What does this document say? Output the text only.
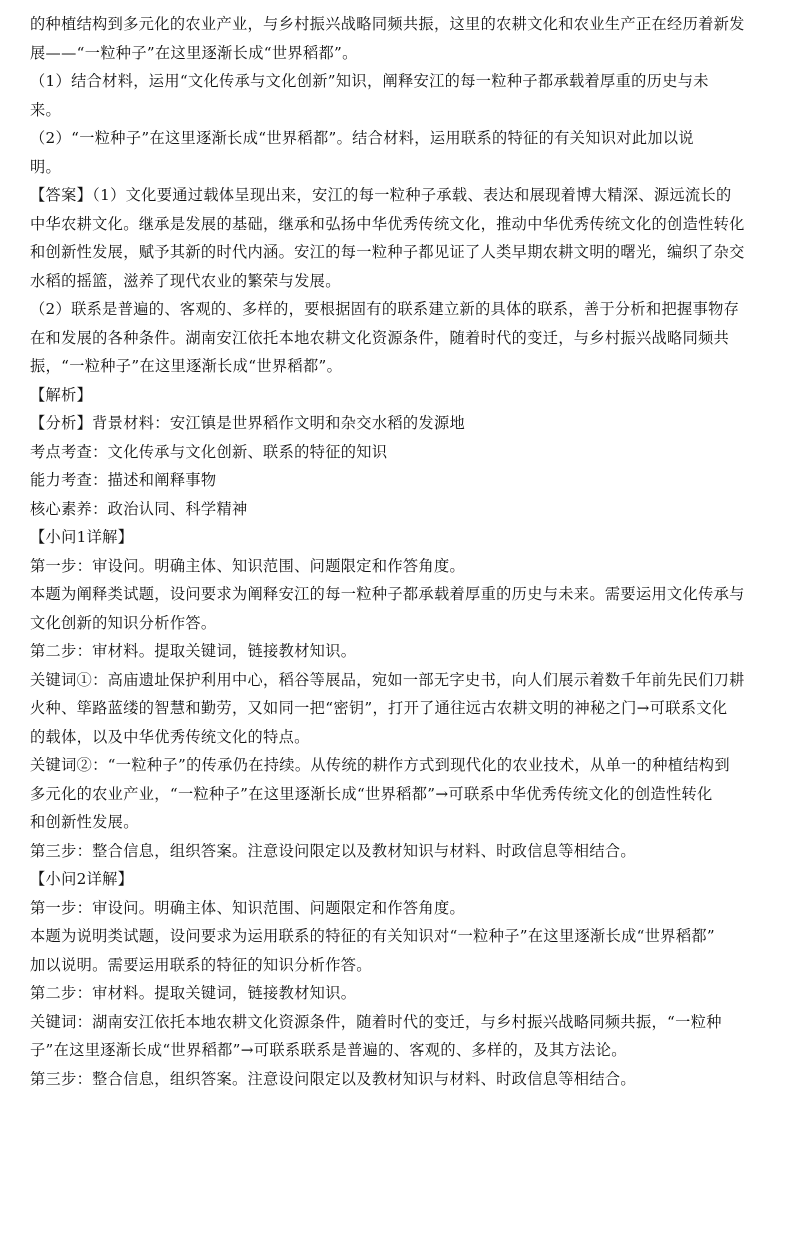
的种植结构到多元化的农业产业，与乡村振兴战略同频共振，这里的农耕文化和农业生产正在经历着新发
展——“一粒种子”在这里逐渐长成“世界稻都”。
（1）结合材料，运用“文化传承与文化创新”知识，阐释安江的每一粒种子都承载着厚重的历史与未
来。
（2）“一粒种子”在这里逐渐长成“世界稻都”。结合材料，运用联系的特征的有关知识对此加以说
明。
【答案】（1）文化要通过载体呈现出来，安江的每一粒种子承载、表达和展现着博大精深、源远流长的
中华农耕文化。继承是发展的基础，继承和弘扬中华优秀传统文化，推动中华优秀传统文化的创造性转化
和创新性发展，赋予其新的时代内涵。安江的每一粒种子都见证了人类早期农耕文明的曙光，编织了杂交
水稻的摇篮，滋养了现代农业的繁荣与发展。
（2）联系是普遍的、客观的、多样的，要根据固有的联系建立新的具体的联系，善于分析和把握事物存
在和发展的各种条件。湖南安江依托本地农耕文化资源条件，随着时代的变迁，与乡村振兴战略同频共
振，“一粒种子”在这里逐渐长成“世界稻都”。
【解析】
【分析】背景材料：安江镇是世界稻作文明和杂交水稻的发源地
考点考查：文化传承与文化创新、联系的特征的知识
能力考查：描述和阐释事物
核心素养：政治认同、科学精神
【小问1详解】
第一步：审设问。明确主体、知识范围、问题限定和作答角度。
本题为阐释类试题，设问要求为阐释安江的每一粒种子都承载着厚重的历史与未来。需要运用文化传承与
文化创新的知识分析作答。
第二步：审材料。提取关键词，链接教材知识。
关键词①：高庙遗址保护利用中心，稻谷等展品，宛如一部无字史书，向人们展示着数千年前先民们刀耕
火种、筚路蓝缕的智慧和勤劳，又如同一把“密钥”，打开了通往远古农耕文明的神秘之门→可联系文化
的载体，以及中华优秀传统文化的特点。
关键词②：“一粒种子”的传承仍在持续。从传统的耕作方式到现代化的农业技术，从单一的种植结构到
多元化的农业产业，“一粒种子”在这里逐渐长成“世界稻都”→可联系中华优秀传统文化的创造性转化
和创新性发展。
第三步：整合信息，组织答案。注意设问限定以及教材知识与材料、时政信息等相结合。
【小问2详解】
第一步：审设问。明确主体、知识范围、问题限定和作答角度。
本题为说明类试题，设问要求为运用联系的特征的有关知识对“一粒种子”在这里逐渐长成“世界稻都”
加以说明。需要运用联系的特征的知识分析作答。
第二步：审材料。提取关键词，链接教材知识。
关键词：湖南安江依托本地农耕文化资源条件，随着时代的变迁，与乡村振兴战略同频共振，“一粒种
子”在这里逐渐长成“世界稻都”→可联系联系是普遍的、客观的、多样的，及其方法论。
第三步：整合信息，组织答案。注意设问限定以及教材知识与材料、时政信息等相结合。
